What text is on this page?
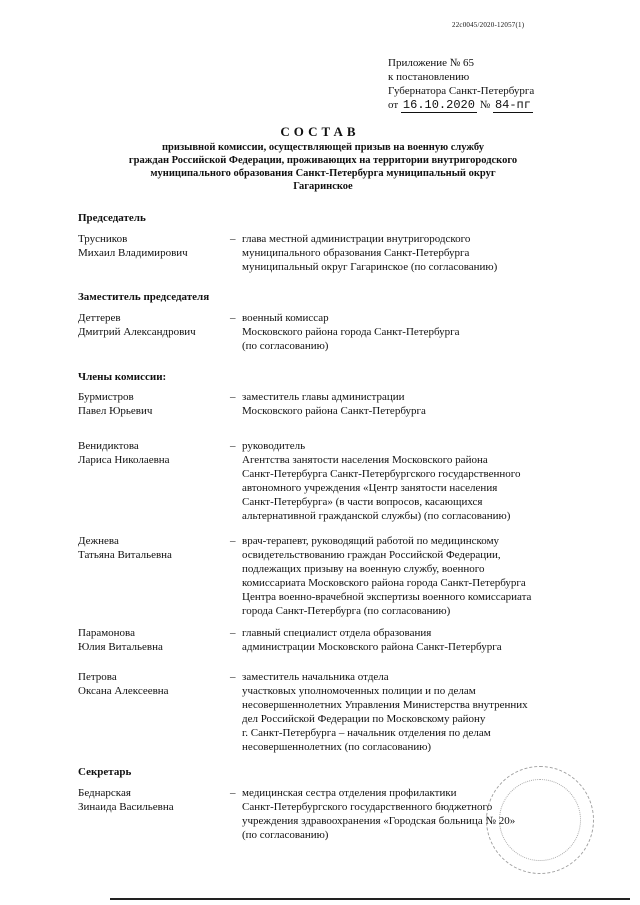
22с0045/2020-12057(1)
Приложение № 65
к постановлению
Губернатора Санкт-Петербурга
от 16.10.2020 № 84-пг
СОСТАВ
призывной комиссии, осуществляющей призыв на военную службу
граждан Российской Федерации, проживающих на территории внутригородского
муниципального образования Санкт-Петербурга муниципальный округ
Гагаринское
Председатель
Трусников
Михаил Владимирович
– глава местной администрации внутригородского
муниципального образования Санкт-Петербурга
муниципальный округ Гагаринское (по согласованию)
Заместитель председателя
Деттерев
Дмитрий Александрович
– военный комиссар
Московского района города Санкт-Петербурга
(по согласованию)
Члены комиссии:
Бурмистров
Павел Юрьевич
– заместитель главы администрации
Московского района Санкт-Петербурга
Венидиктова
Лариса Николаевна
– руководитель
Агентства занятости населения Московского района
Санкт-Петербурга Санкт-Петербургского государственного
автономного учреждения «Центр занятости населения
Санкт-Петербурга» (в части вопросов, касающихся
альтернативной гражданской службы) (по согласованию)
Дежнева
Татьяна Витальевна
– врач-терапевт, руководящий работой по медицинскому
освидетельствованию граждан Российской Федерации,
подлежащих призыву на военную службу, военного
комиссариата Московского района города Санкт-Петербурга
Центра военно-врачебной экспертизы военного комиссариата
города Санкт-Петербурга (по согласованию)
Парамонова
Юлия Витальевна
– главный специалист отдела образования
администрации Московского района Санкт-Петербурга
Петрова
Оксана Алексеевна
– заместитель начальника отдела
участковых уполномоченных полиции и по делам
несовершеннолетних Управления Министерства внутренних
дел Российской Федерации по Московскому району
г. Санкт-Петербурга – начальник отделения по делам
несовершеннолетних (по согласованию)
Секретарь
Беднарская
Зинаида Васильевна
– медицинская сестра отделения профилактики
Санкт-Петербургского государственного бюджетного
учреждения здравоохранения «Городская больница № 20»
(по согласованию)
